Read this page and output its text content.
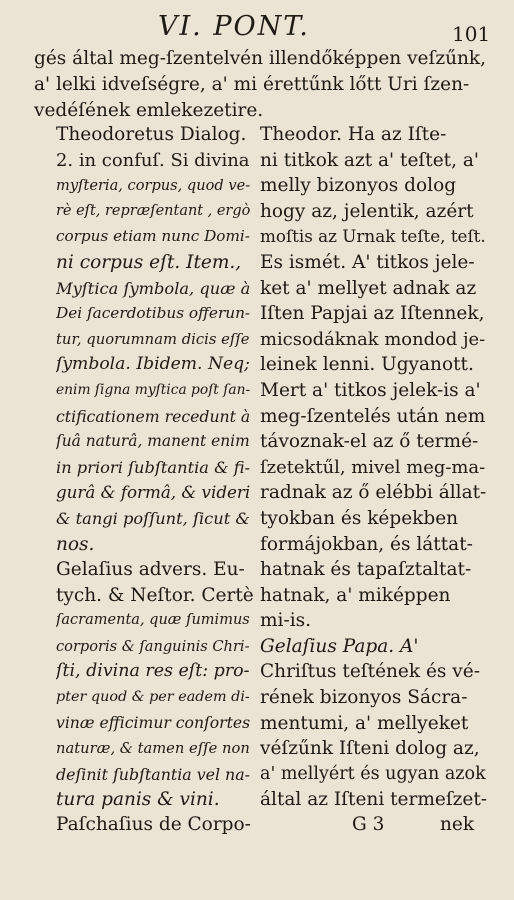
VI. PONT.	101
gés által meg-ſzentelvén illendőképpen veſzűnk,
a' lelki idveſségre, a' mi érettűnk lőtt Uri ſzen-
vedéſének emlekezetire.
Theodoretus Dialog.
2. in confuſ. Si divina
myſteria, corpus, quod ve-
rè eſt, repræſentant , ergò
corpus etiam nunc Domi-
ni corpus eſt. Item.,
Myſtica ſymbola, quæ à
Dei ſacerdotibus offerun-
tur, quorumnam dicis eſſe
ſymbola. Ibidem. Neq;
enim ſigna myſtica poſt ſan-
ctificationem recedunt à
ſuâ naturâ, manent enim
in priori ſubſtantia & fi-
gurâ & formâ, & videri
& tangi poſſunt, ſicut &
nos.
Gelaſius advers. Eu-
tych. & Neſtor. Certè
ſacramenta, quæ ſumimus
corporis & ſanguinis Chri-
ſti, divina res eſt: pro-
pter quod & per eadem di-
vinæ efficimur conſortes
naturæ, & tamen eſſe non
deſinit ſubſtantia vel na-
tura panis & vini.
Theodor. Ha az Iſte-
ni titkok azt a' teſtet, a'
melly bizonyos dolog
hogy az, jelentik, azért
moſtis az Urnak teſte, teſt.
Es ismét. A' titkos jele-
ket a' mellyet adnak az
Iſten Papjai az Iſtennek,
micsodáknak mondod je-
leinek lenni. Ugyanott.
Mert a' titkos jelek-is a'
meg-ſzentelés után nem
távoznak-el az ő termé-
ſzetektűl, mivel meg-ma-
radnak az ő elébbi állat-
tyokban és képekben
formájokban, és láttat-
hatnak és tapaſztaltat-
hatnak, a' miképpen
mi-is.
Gelaſius Papa. A'
Chriſtus teſtének és vé-
rének bizonyos Sácra-
mentumi, a' mellyeket
véſzűnk Iſteni dolog az,
a' mellyért és ugyan azok
által az Iſteni termeſzet-
Paſchaſius de Corpo-	G 3	nek
